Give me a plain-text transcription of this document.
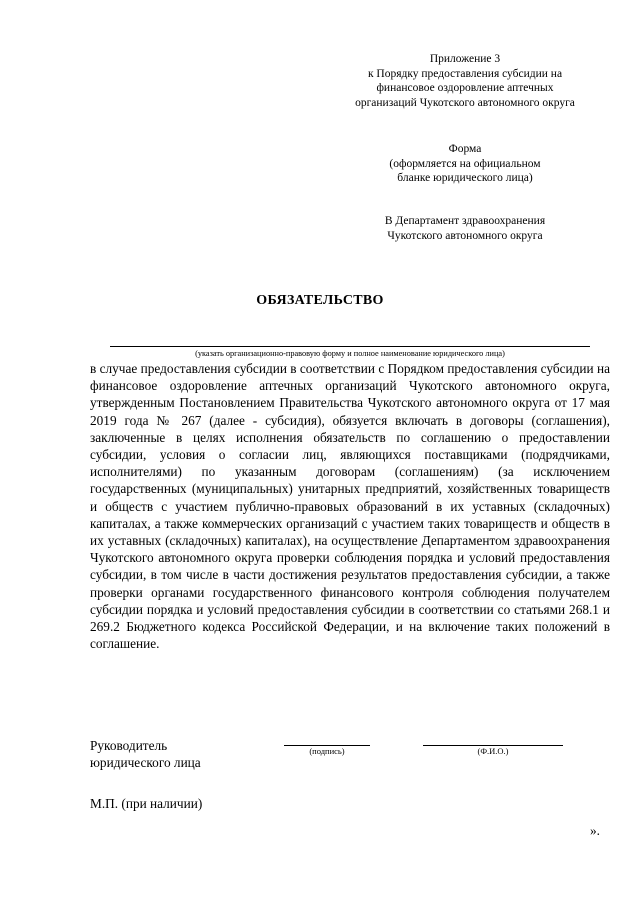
Приложение 3
к Порядку предоставления субсидии на
финансовое оздоровление аптечных
организаций Чукотского автономного округа
Форма
(оформляется на официальном
бланке юридического лица)
В Департамент здравоохранения
Чукотского автономного округа
ОБЯЗАТЕЛЬСТВО
(указать организационно-правовую форму и полное наименование юридического лица)
в случае предоставления субсидии в соответствии с Порядком предоставления субсидии на финансовое оздоровление аптечных организаций Чукотского автономного округа, утвержденным Постановлением Правительства Чукотского автономного округа от 17 мая 2019 года № 267 (далее - субсидия), обязуется включать в договоры (соглашения), заключенные в целях исполнения обязательств по соглашению о предоставлении субсидии, условия о согласии лиц, являющихся поставщиками (подрядчиками, исполнителями) по указанным договорам (соглашениям) (за исключением государственных (муниципальных) унитарных предприятий, хозяйственных товариществ и обществ с участием публично-правовых образований в их уставных (складочных) капиталах, а также коммерческих организаций с участием таких товариществ и обществ в их уставных (складочных) капиталах), на осуществление Департаментом здравоохранения Чукотского автономного округа проверки соблюдения порядка и условий предоставления субсидии, в том числе в части достижения результатов предоставления субсидии, а также проверки органами государственного финансового контроля соблюдения получателем субсидии порядка и условий предоставления субсидии в соответствии со статьями 268.1 и 269.2 Бюджетного кодекса Российской Федерации, и на включение таких положений в соглашение.
Руководитель
юридического лица
(подпись)	(Ф.И.О.)
М.П. (при наличии)
».
